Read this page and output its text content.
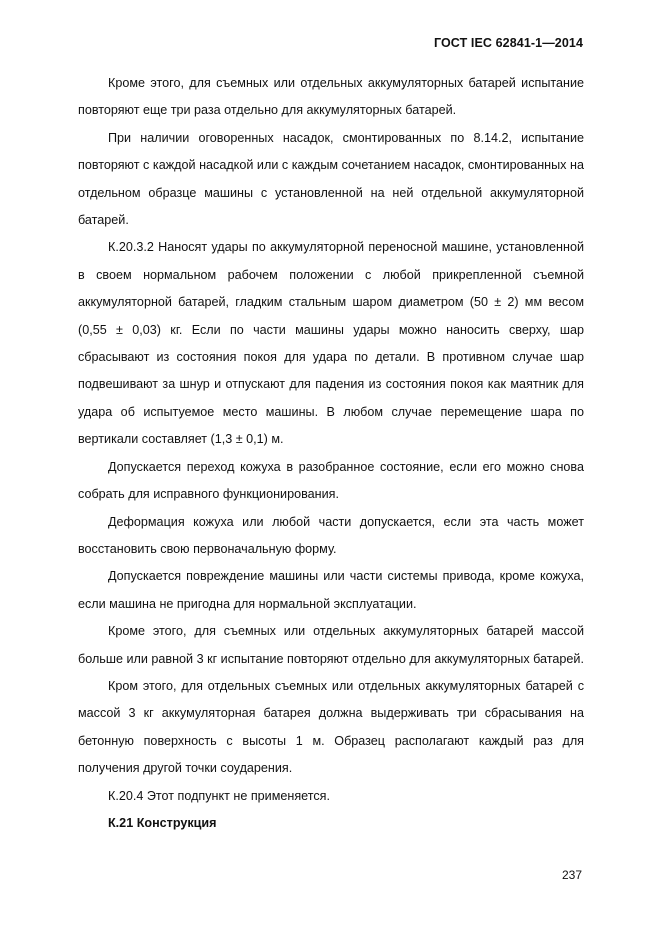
ГОСТ IEC 62841-1—2014

Кроме этого, для съемных или отдельных аккумуляторных батарей испытание повторяют еще три раза отдельно для аккумуляторных батарей.

При наличии оговоренных насадок, смонтированных по 8.14.2, испытание повторяют с каждой насадкой или с каждым сочетанием насадок, смонтированных на отдельном образце машины с установленной на ней отдельной аккумуляторной батарей.

К.20.3.2 Наносят удары по аккумуляторной переносной машине, установленной в своем нормальном рабочем положении с любой прикрепленной съемной аккумуляторной батарей, гладким стальным шаром диаметром (50 ± 2) мм весом (0,55 ± 0,03) кг. Если по части машины удары можно наносить сверху, шар сбрасывают из состояния покоя для удара по детали. В противном случае шар подвешивают за шнур и отпускают для падения из состояния покоя как маятник для удара об испытуемое место машины. В любом случае перемещение шара по вертикали составляет (1,3 ± 0,1) м.

Допускается переход кожуха в разобранное состояние, если его можно снова собрать для исправного функционирования.

Деформация кожуха или любой части допускается, если эта часть может восстановить свою первоначальную форму.

Допускается повреждение машины или части системы привода, кроме кожуха, если машина не пригодна для нормальной эксплуатации.

Кроме этого, для съемных или отдельных аккумуляторных батарей массой больше или равной 3 кг испытание повторяют отдельно для аккумуляторных батарей.

Кром этого, для отдельных съемных или отдельных аккумуляторных батарей с массой 3 кг аккумуляторная батарея должна выдерживать три сбрасывания на бетонную поверхность с высоты 1 м. Образец располагают каждый раз для получения другой точки соударения.

К.20.4 Этот подпункт не применяется.

К.21 Конструкция

237
